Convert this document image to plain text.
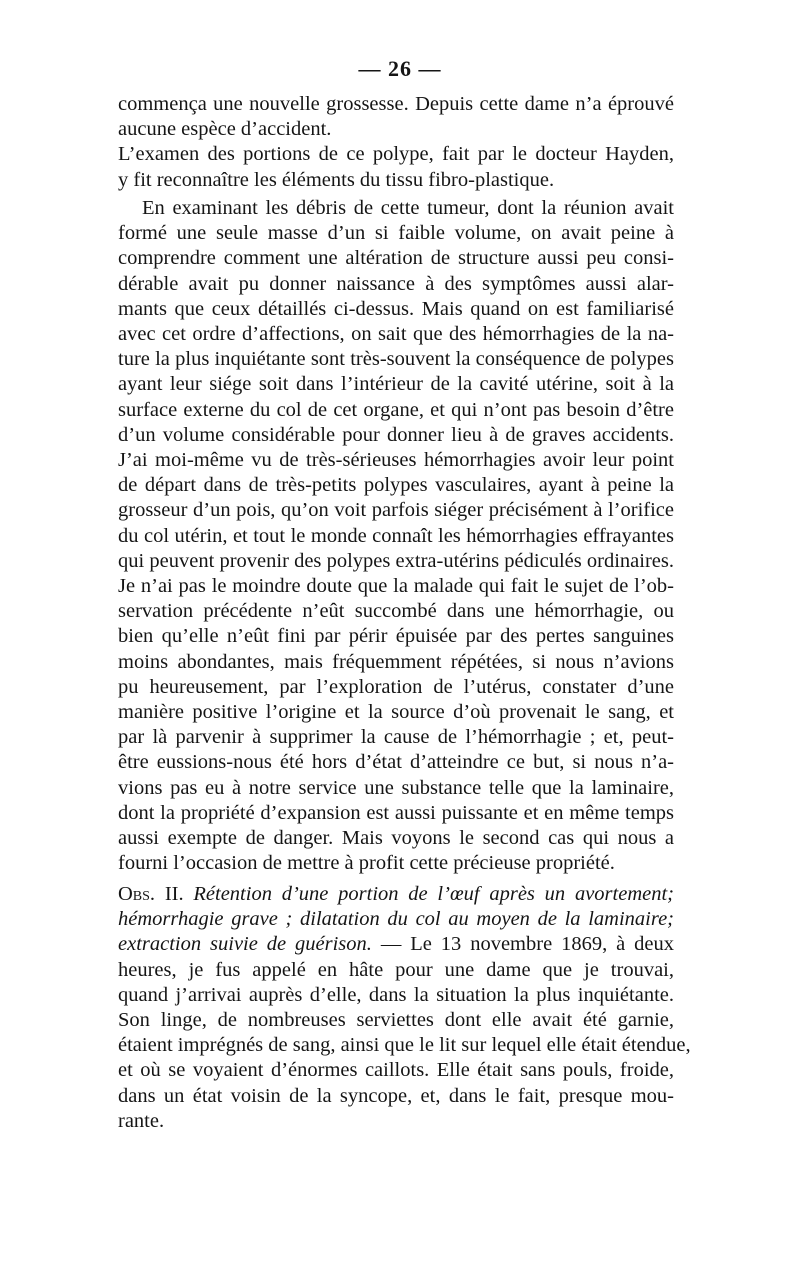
— 26 —
commença une nouvelle grossesse. Depuis cette dame n’a éprouvé
aucune espèce d’accident.
L’examen des portions de ce polype, fait par le docteur Hayden,
y fit reconnaître les éléments du tissu fibro-plastique.
En examinant les débris de cette tumeur, dont la réunion avait
formé une seule masse d’un si faible volume, on avait peine à
comprendre comment une altération de structure aussi peu consi-
dérable avait pu donner naissance à des symptômes aussi alar-
mants que ceux détaillés ci-dessus. Mais quand on est familiarisé
avec cet ordre d’affections, on sait que des hémorrhagies de la na-
ture la plus inquiétante sont très-souvent la conséquence de polypes
ayant leur siége soit dans l’intérieur de la cavité utérine, soit à la
surface externe du col de cet organe, et qui n’ont pas besoin d’être
d’un volume considérable pour donner lieu à de graves accidents.
J’ai moi-même vu de très-sérieuses hémorrhagies avoir leur point
de départ dans de très-petits polypes vasculaires, ayant à peine la
grosseur d’un pois, qu’on voit parfois siéger précisément à l’orifice
du col utérin, et tout le monde connaît les hémorrhagies effrayantes
qui peuvent provenir des polypes extra-utérins pédiculés ordinaires.
Je n’ai pas le moindre doute que la malade qui fait le sujet de l’ob-
servation précédente n’eût succombé dans une hémorrhagie, ou
bien qu’elle n’eût fini par périr épuisée par des pertes sanguines
moins abondantes, mais fréquemment répétées, si nous n’avions
pu heureusement, par l’exploration de l’utérus, constater d’une
manière positive l’origine et la source d’où provenait le sang, et
par là parvenir à supprimer la cause de l’hémorrhagie ; et, peut-
être eussions-nous été hors d’état d’atteindre ce but, si nous n’a-
vions pas eu à notre service une substance telle que la laminaire,
dont la propriété d’expansion est aussi puissante et en même temps
aussi exempte de danger. Mais voyons le second cas qui nous a
fourni l’occasion de mettre à profit cette précieuse propriété.
Obs. II. Rétention d’une portion de l’œuf après un avortement;
hémorrhagie grave ; dilatation du col au moyen de la laminaire;
extraction suivie de guérison. — Le 13 novembre 1869, à deux
heures, je fus appelé en hâte pour une dame que je trouvai,
quand j’arrivai auprès d’elle, dans la situation la plus inquiétante.
Son linge, de nombreuses serviettes dont elle avait été garnie,
étaient imprégnés de sang, ainsi que le lit sur lequel elle était étendue,
et où se voyaient d’énormes caillots. Elle était sans pouls, froide,
dans un état voisin de la syncope, et, dans le fait, presque mou-
rante.
